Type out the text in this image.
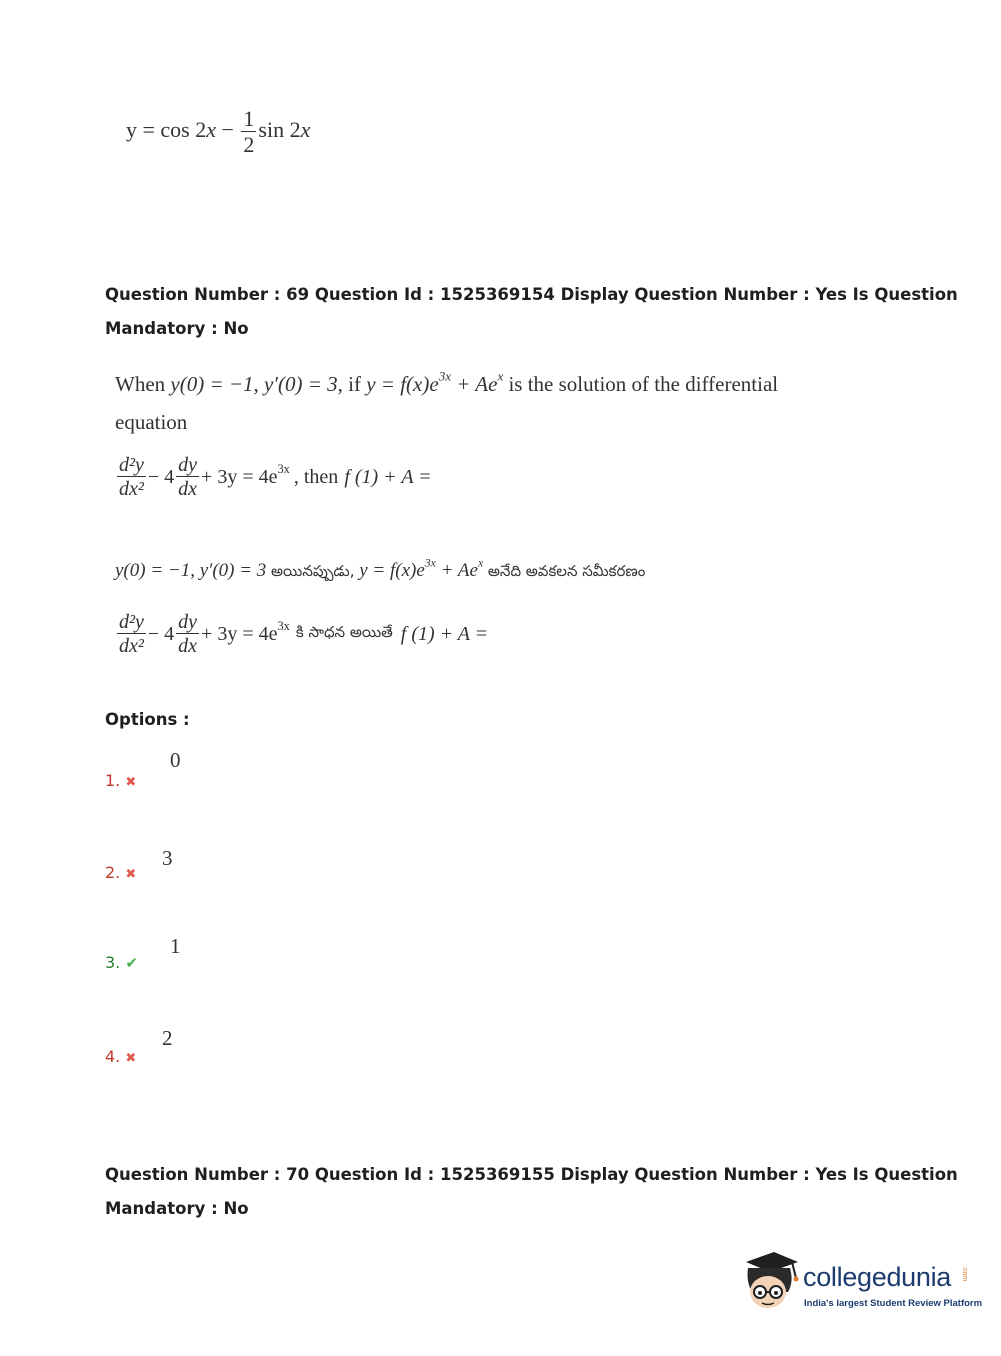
$y = \cos 2x - \frac{1}{2}$ sin 2x
Question Number : 69 Question Id : 1525369154 Display Question Number : Yes Is Question
Mandatory : No
When y(0) = −1, y′(0) = 3, if $y = f(x)e^{3x} + Ae^x$ is the solution of the differential
equation
$\frac{\text{d²y}}{\text{dx²}} - 4 \frac{dy}{dx} + 3y = 4e^{3x}$ , then f (1) + A =
y(0) = −1, y′(0) = 3 అయినప్పుడు, $y = f(x)e^{3x} + Ae^x$ అనేది అవకలన సమీకరణం
$\frac{\text{d²y}}{\text{dx²}} - 4 \frac{dy}{dx} + 3y = 4e^{3x}$ కి సాధన అయితే f (1) + A =
Options :
0
1. ✖
3
2. ✖
1
3. ✔
2
4. ✖
Question Number : 70 Question Id : 1525369155 Display Question Number : Yes Is Question
Mandatory : No
collegedunia .com
India's largest Student Review Platform
